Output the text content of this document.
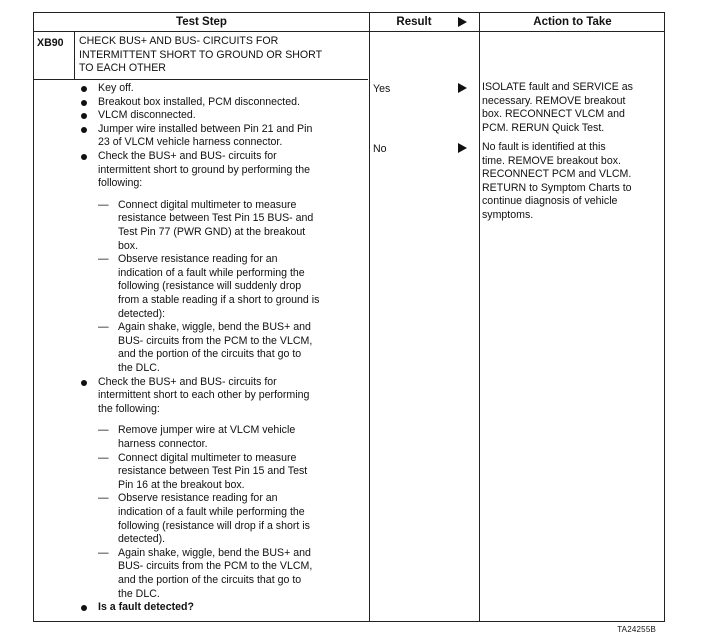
Test Step	Result	Action to Take
XB90 CHECK BUS+ AND BUS- CIRCUITS FOR
INTERMITTENT SHORT TO GROUND OR SHORT
TO EACH OTHER
Key off.
Breakout box installed, PCM disconnected.
VLCM disconnected.
Jumper wire installed between Pin 21 and Pin
23 of VLCM vehicle harness connector.
Check the BUS+ and BUS- circuits for
intermittent short to ground by performing the
following:
— Connect digital multimeter to measure
resistance between Test Pin 15 BUS- and
Test Pin 77 (PWR GND) at the breakout
box.
— Observe resistance reading for an
indication of a fault while performing the
following (resistance will suddenly drop
from a stable reading if a short to ground is
detected):
— Again shake, wiggle, bend the BUS+ and
BUS- circuits from the PCM to the VLCM,
and the portion of the circuits that go to
the DLC.
Check the BUS+ and BUS- circuits for
intermittent short to each other by performing
the following:
— Remove jumper wire at VLCM vehicle
harness connector.
— Connect digital multimeter to measure
resistance between Test Pin 15 and Test
Pin 16 at the breakout box.
— Observe resistance reading for an
indication of a fault while performing the
following (resistance will drop if a short is
detected).
— Again shake, wiggle, bend the BUS+ and
BUS- circuits from the PCM to the VLCM,
and the portion of the circuits that go to
the DLC.
Is a fault detected?
Yes	ISOLATE fault and SERVICE as
necessary. REMOVE breakout
box. RECONNECT VLCM and
PCM. RERUN Quick Test.
No	No fault is identified at this
time. REMOVE breakout box.
RECONNECT PCM and VLCM.
RETURN to Symptom Charts to
continue diagnosis of vehicle
symptoms.
TA24255B
